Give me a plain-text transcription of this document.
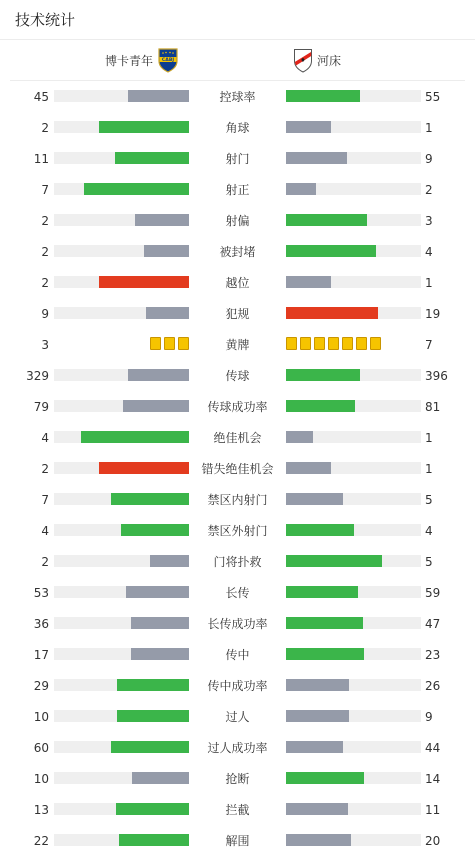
技术统计
博卡青年 CABJ	♦ 河床
45	控球率	55
2	角球	1
11	射门	9
7	射正	2
2	射偏	3
2	被封堵	4
2	越位	1
9	犯规	19
3	黄牌	7
329	传球	396
79	传球成功率	81
4	绝佳机会	1
2	错失绝佳机会	1
7	禁区内射门	5
4	禁区外射门	4
2	门将扑救	5
53	长传	59
36	长传成功率	47
17	传中	23
29	传中成功率	26
10	过人	9
60	过人成功率	44
10	抢断	14
13	拦截	11
22	解围	20
